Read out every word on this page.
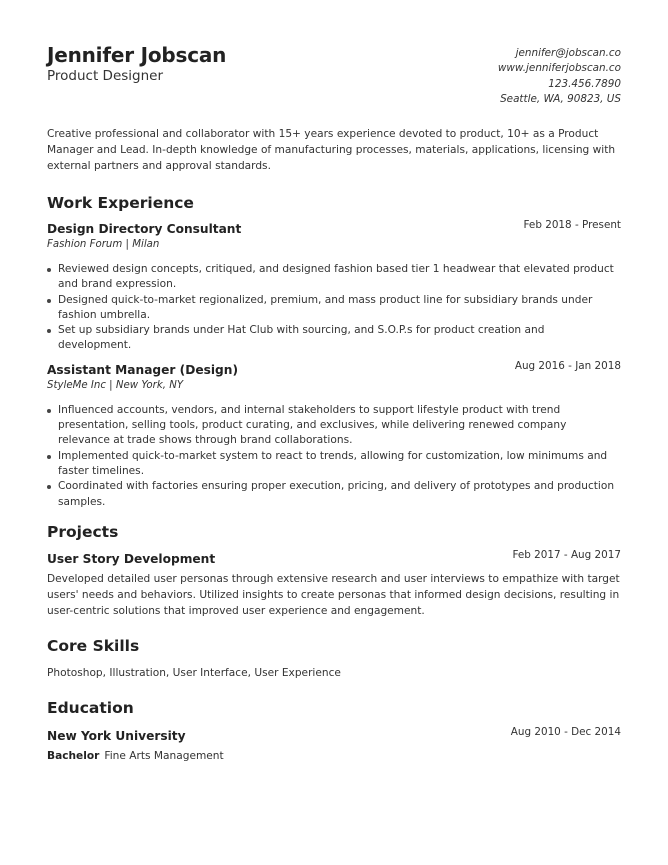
Jennifer Jobscan
Product Designer
jennifer@jobscan.co
www.jenniferjobscan.co
123.456.7890
Seattle, WA, 90823, US

Creative professional and collaborator with 15+ years experience devoted to product, 10+ as a Product Manager and Lead. In-depth knowledge of manufacturing processes, materials, applications, licensing with external partners and approval standards.

Work Experience
Design Directory Consultant	Feb 2018 - Present
Fashion Forum | Milan
Reviewed design concepts, critiqued, and designed fashion based tier 1 headwear that elevated product and brand expression.
Designed quick-to-market regionalized, premium, and mass product line for subsidiary brands under fashion umbrella.
Set up subsidiary brands under Hat Club with sourcing, and S.O.P.s for product creation and development.
Assistant Manager (Design)	Aug 2016 - Jan 2018
StyleMe Inc | New York, NY
Influenced accounts, vendors, and internal stakeholders to support lifestyle product with trend presentation, selling tools, product curating, and exclusives, while delivering renewed company relevance at trade shows through brand collaborations.
Implemented quick-to-market system to react to trends, allowing for customization, low minimums and faster timelines.
Coordinated with factories ensuring proper execution, pricing, and delivery of prototypes and production samples.
Projects
User Story Development	Feb 2017 - Aug 2017

Developed detailed user personas through extensive research and user interviews to empathize with target users' needs and behaviors. Utilized insights to create personas that informed design decisions, resulting in user-centric solutions that improved user experience and engagement.

Core Skills

Photoshop, Illustration, User Interface, User Experience

Education
New York University	Aug 2010 - Dec 2014
Bachelor Fine Arts Management
